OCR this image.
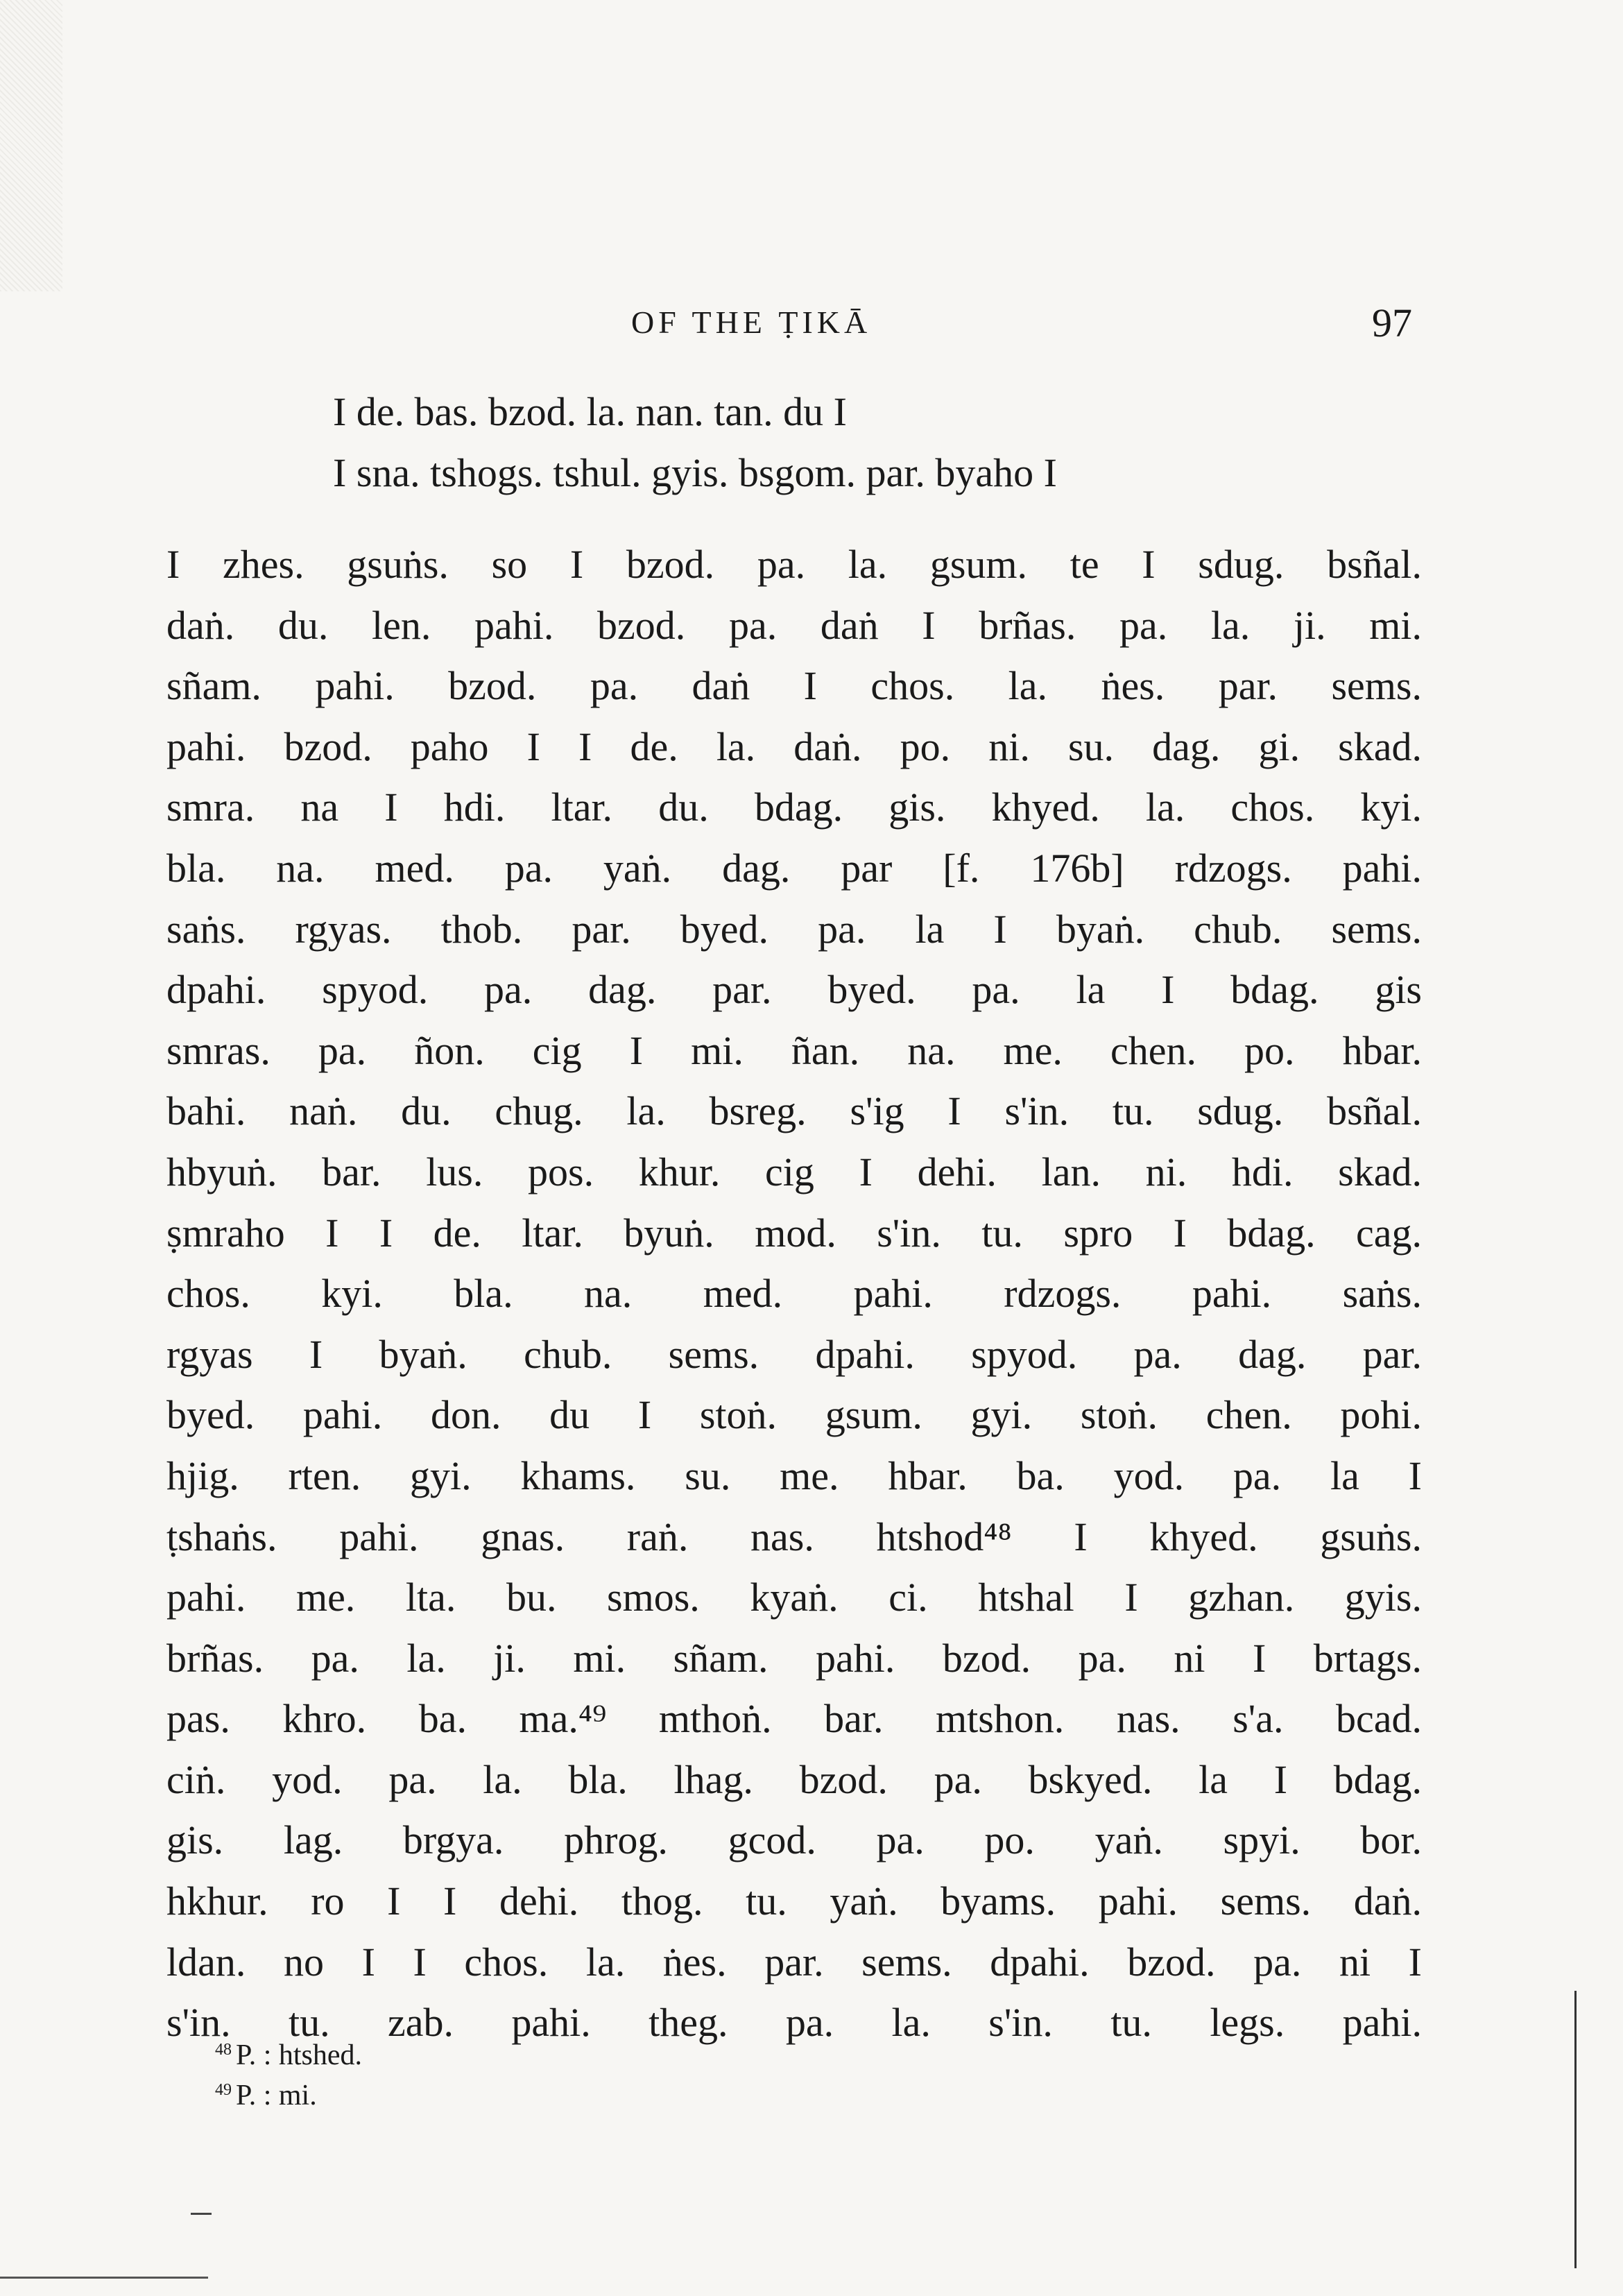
OF THE ṬIKĀ	97
I de. bas. bzod. la. nan. tan. du I
I sna. tshogs. tshul. gyis. bsgom. par. byaho I
I zhes. gsuṅs. so I bzod. pa. la. gsum. te I sdug. bsñal.
daṅ. du. len. pahi. bzod. pa. daṅ I brñas. pa. la. ji. mi.
sñam. pahi. bzod. pa. daṅ I chos. la. ṅes. par. sems.
pahi. bzod. paho I I de. la. daṅ. po. ni. su. dag. gi. skad.
smra. na I hdi. ltar. du. bdag. gis. khyed. la. chos. kyi.
bla. na. med. pa. yaṅ. dag. par [f. 176b] rdzogs. pahi.
saṅs. rgyas. thob. par. byed. pa. la I byaṅ. chub. sems.
dpahi. spyod. pa. dag. par. byed. pa. la I bdag. gis
smras. pa. ñon. cig I mi. ñan. na. me. chen. po. hbar.
bahi. naṅ. du. chug. la. bsreg. s'ig I s'in. tu. sdug. bsñal.
hbyuṅ. bar. lus. pos. khur. cig I dehi. lan. ni. hdi. skad.
ṣmraho I I de. ltar. byuṅ. mod. s'in. tu. spro I bdag. cag.
chos. kyi. bla. na. med. pahi. rdzogs. pahi. saṅs.
rgyas I byaṅ. chub. sems. dpahi. spyod. pa. dag. par.
byed. pahi. don. du I stoṅ. gsum. gyi. stoṅ. chen. pohi.
hjig. rten. gyi. khams. su. me. hbar. ba. yod. pa. la I
ṭshaṅs. pahi. gnas. raṅ. nas. htshod⁴⁸ I khyed. gsuṅs.
pahi. me. lta. bu. smos. kyaṅ. ci. htshal I gzhan. gyis.
brñas. pa. la. ji. mi. sñam. pahi. bzod. pa. ni I brtags.
pas. khro. ba. ma.⁴⁹ mthoṅ. bar. mtshon. nas. s'a. bcad.
ciṅ. yod. pa. la. bla. lhag. bzod. pa. bskyed. la I bdag.
gis. lag. brgya. phrog. gcod. pa. po. yaṅ. spyi. bor.
hkhur. ro I I dehi. thog. tu. yaṅ. byams. pahi. sems. daṅ.
ldan. no I I chos. la. ṅes. par. sems. dpahi. bzod. pa. ni I
s'in. tu. zab. pahi. theg. pa. la. s'in. tu. legs. pahi.
$^{48}$ P. : htshed.
$^{49}$ P. : mi.
